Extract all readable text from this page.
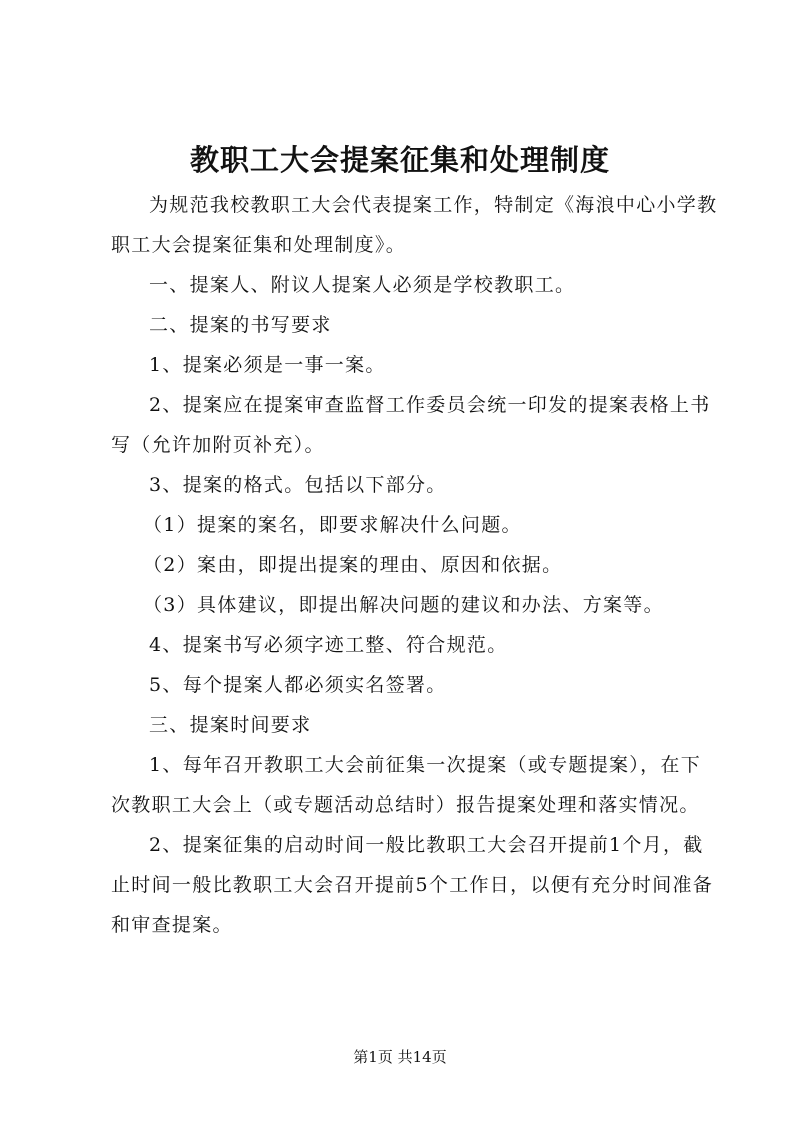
教职工大会提案征集和处理制度

为规范我校教职工大会代表提案工作，特制定《海浪中心小学教职工大会提案征集和处理制度》。

一、提案人、附议人提案人必须是学校教职工。

二、提案的书写要求

1、提案必须是一事一案。

2、提案应在提案审查监督工作委员会统一印发的提案表格上书写（允许加附页补充）。

3、提案的格式。包括以下部分。

（1）提案的案名，即要求解决什么问题。

（2）案由，即提出提案的理由、原因和依据。

（3）具体建议，即提出解决问题的建议和办法、方案等。

4、提案书写必须字迹工整、符合规范。

5、每个提案人都必须实名签署。

三、提案时间要求

1、每年召开教职工大会前征集一次提案（或专题提案），在下次教职工大会上（或专题活动总结时）报告提案处理和落实情况。

2、提案征集的启动时间一般比教职工大会召开提前1个月，截止时间一般比教职工大会召开提前5个工作日，以便有充分时间准备和审查提案。

第1页 共14页
